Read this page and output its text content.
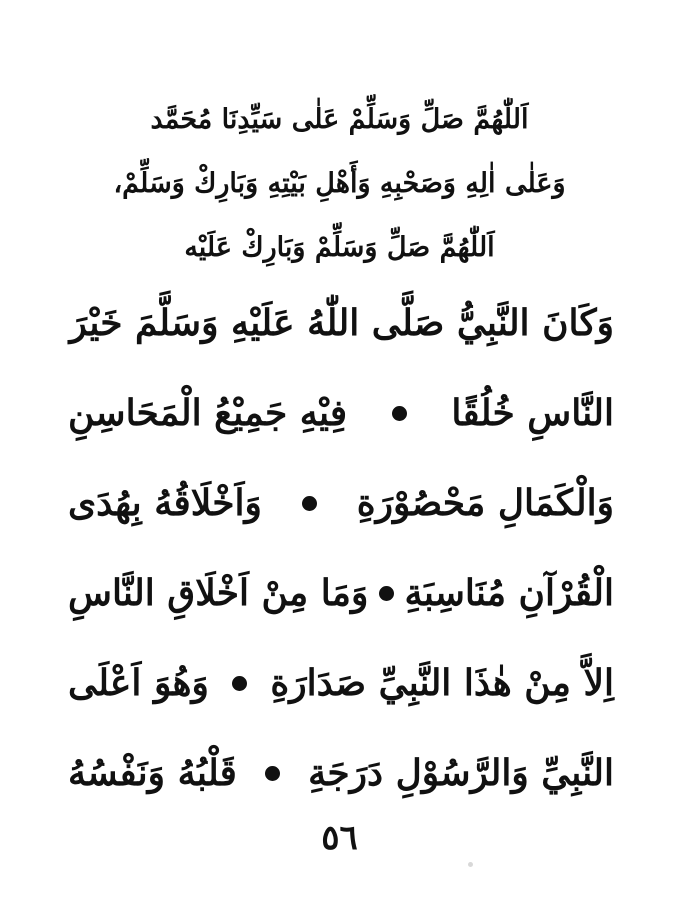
اَللّٰهُمَّ صَلِّ وَسَلِّمْ عَلٰى سَيِّدِنَا مُحَمَّد
وَعَلٰى اٰلِهِ وَصَحْبِهِ وَأَهْلِ بَيْتِهِ وَبَارِكْ وَسَلِّمْ،
اَللّٰهُمَّ صَلِّ وَسَلِّمْ وَبَارِكْ عَلَيْه
وَكَانَ النَّبِيُّ صَلَّى اللّٰهُ عَلَيْهِ وَسَلَّمَ خَيْرَ
النَّاسِ خُلُقًا
فِيْهِ جَمِيْعُ الْمَحَاسِنِ
وَالْكَمَالِ مَحْصُوْرَةِ
وَاَخْلَاقُهُ بِهُدَى
الْقُرْآنِ مُنَاسِبَةِ
وَمَا مِنْ اَخْلَاقِ النَّاسِ
اِلاَّ مِنْ هٰذَا النَّبِيِّ صَدَارَةِ
وَهُوَ اَعْلَى
النَّبِيِّ وَالرَّسُوْلِ دَرَجَةِ
قَلْبُهُ وَنَفْسُهُ
٥٦
